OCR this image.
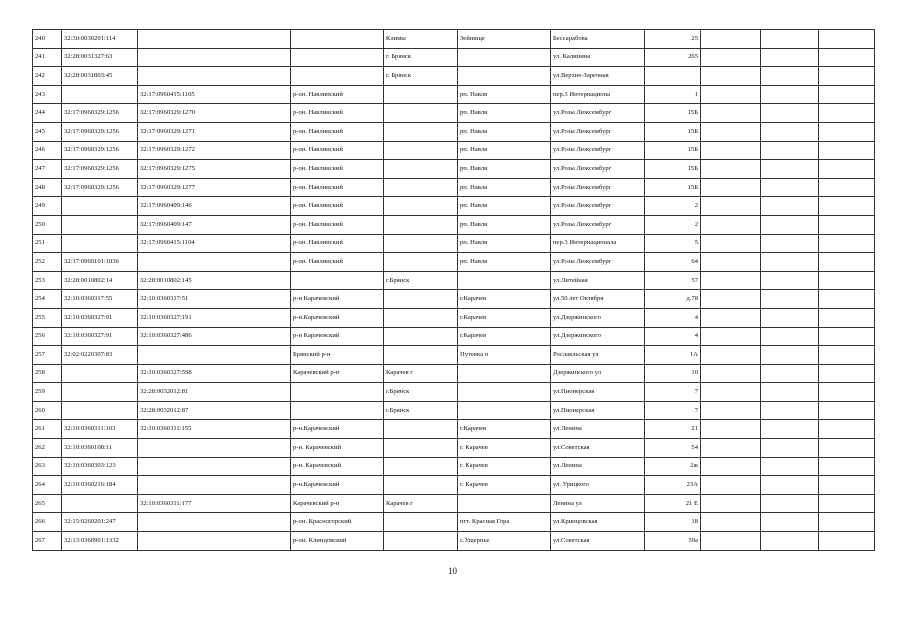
240	32:30:0030201:114			Климы	Зейнище	Бессарабова	25			
241	32:28:0031327:63			г. Брянск		ул. Калинина	265			
242	32:28:0031803:45			г. Брянск		ул.Верхне-Заречная				
243		32:17:0960415:1105	р-он. Навлинский		рп. Навля	пер.3 Интернациона	1			
244	32:17:0960329:1256	32:17:0960329:1270	р-он. Навлинский		рп. Навля	ул.Розы Люксембург	15Б			
245	32:17:0960329:1256	32:17:0960329:1271	р-он. Навлинский		рп. Навля	ул.Розы Люксембург	15Б			
246	32:17:0960329:1256	32:17:0960329:1272	р-он. Навлинский		рп. Навля	ул.Розы Люксембург	15Б			
247	32:17:0960329:1256	32:17:0960329:1275	р-он. Навлинский		рп. Навля	ул.Розы Люксембург	15Б			
248	32:17:0960329:1256	32:17:0960329:1277	р-он. Навлинский		рп. Навля	ул.Розы Люксембург	15Б			
249		32:17:0960409:146	р-он. Навлинский		рп. Навля	ул.Розы Люксембург	2			
250		32:17:0960409:147	р-он. Навлинский		рп. Навля	ул.Розы Люксембург	2			
251		32:17:0960415:1104	р-он. Навлинский		рп. Навля	пер.3 Интернационала	5			
252	32:17:0960101:1036		р-он. Навлинский		рп. Навля	ул.Розы Люксембург	64			
253	32:28:0010802:14	32:28:0010802:145		г.Брянск		ул.Литейная	57			
254	32:10:0360317:55	32:10:0360317:51	р-н Карачевский		г.Карачев	ул.50 лет Октября	д.78			
255	32:10:0360327:91	32:10:0360327:191	р-н.Карачевский		г.Карачев	ул.Дзержинского	4			
256	32:10:0360327:91	32:10:0360327:486	р-н Карачевский		г.Карачев	ул.Дзержинского	4			
257	32:02:0220307:83		Брянский р-н		Путевка п	Рославльская ул	1А			
258		32:10:0360327:598	Карачевский р-н	Карачев г		Дзержинского ул	10			
259		32:28:0032012:81		г.Брянск		ул.Пионерская	7			
260		32:28:0032012:87		г.Брянск		ул.Пионерская	7			
261	32:10:0360311:103	32:10:0360311:155	р-н.Карачевский		г.Карачев	ул.Ленина	21			
262	32:10:0360108:11		р-н. Карачевский		г. Карачев	ул.Советская	54			
263	32:10:0360303:123		р-н. Карачевский		г. Карачев	ул.Ленина	2ж			
264	32:10:0360216:184		р-н.Карачевский		г. Карачев	ул. Урицкого	23А			
265		32:10:0360311:177	Карачевский р-н	Карачев г		Ленина ул	21 Е			
266	32:15:0260201:247		р-он. Красногорский		пгт. Красная Гора	ул.Кринцовская	18			
267	32:13:0360901:1332		р-он. Клинцовский		с.Ущерпье	ул.Советская	59а			
10
